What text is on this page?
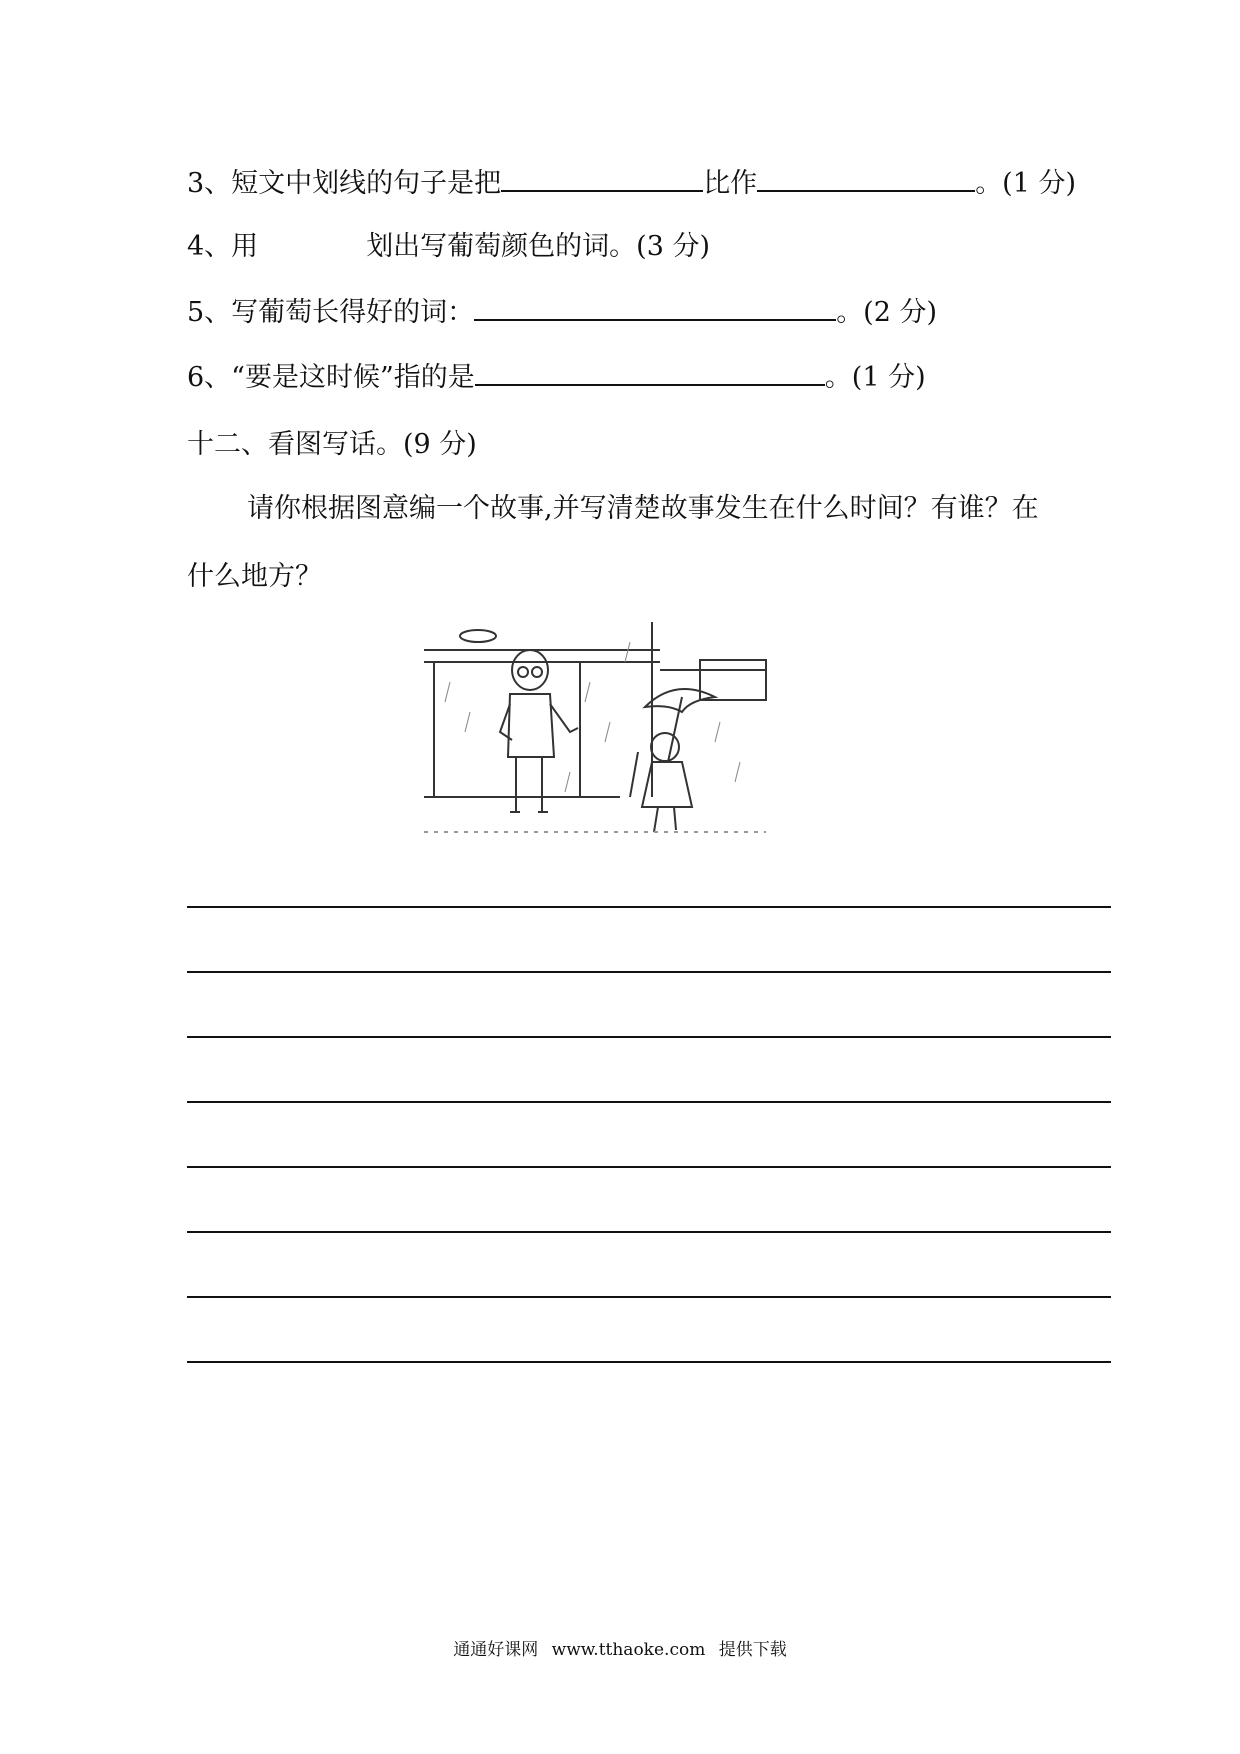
3、短文中划线的句子是把	比作	。(1 分)
4、用	划出写葡萄颜色的词。(3 分)
5、写葡萄长得好的词：	。(2 分)
6、“要是这时候”指的是	。(1 分)
十二、看图写话。(9 分)
请你根据图意编一个故事,并写清楚故事发生在什么时间？有谁？在
什么地方？
通通好课网 www.tthaoke.com 提供下载
